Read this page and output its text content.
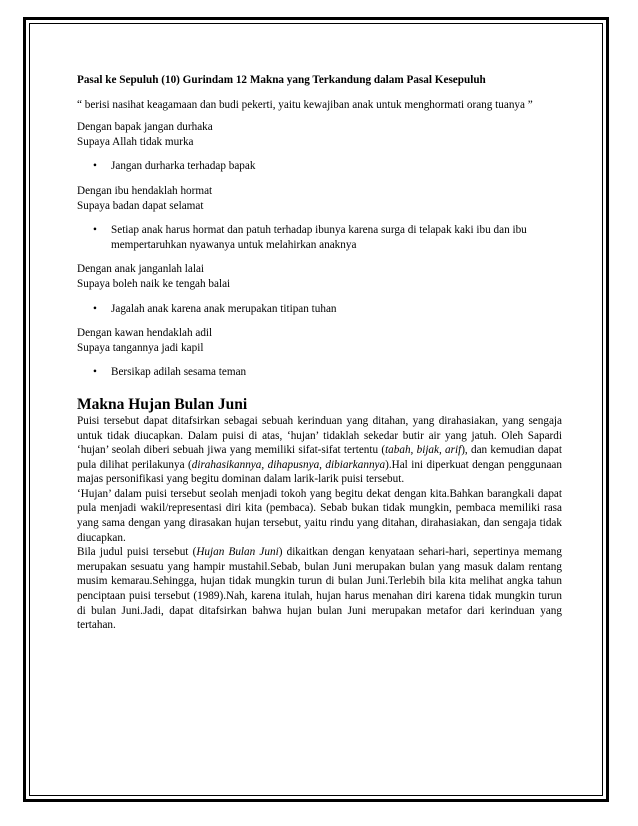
Pasal ke Sepuluh (10) Gurindam 12 Makna yang Terkandung dalam Pasal Kesepuluh
“ berisi nasihat keagamaan dan budi pekerti, yaitu kewajiban anak untuk menghormati orang tuanya ”
Dengan bapak jangan durhaka
Supaya Allah tidak murka
• Jangan durharka terhadap bapak
Dengan ibu hendaklah hormat
Supaya badan dapat selamat
• Setiap anak harus hormat dan patuh terhadap ibunya karena surga di telapak kaki ibu dan ibu mempertaruhkan nyawanya untuk melahirkan anaknya
Dengan anak janganlah lalai
Supaya boleh naik ke tengah balai
• Jagalah anak karena anak merupakan titipan tuhan
Dengan kawan hendaklah adil
Supaya tangannya jadi kapil
• Bersikap adilah sesama teman
Makna Hujan Bulan Juni

Puisi tersebut dapat ditafsirkan sebagai sebuah kerinduan yang ditahan, yang dirahasiakan, yang sengaja untuk tidak diucapkan. Dalam puisi di atas, ‘hujan’ tidaklah sekedar butir air yang jatuh. Oleh Sapardi ‘hujan’ seolah diberi sebuah jiwa yang memiliki sifat-sifat tertentu (tabah, bijak, arif), dan kemudian dapat pula dilihat perilakunya (dirahasikannya, dihapusnya, dibiarkannya).Hal ini diperkuat dengan penggunaan majas personifikasi yang begitu dominan dalam larik-larik puisi tersebut.

‘Hujan’ dalam puisi tersebut seolah menjadi tokoh yang begitu dekat dengan kita.Bahkan barangkali dapat pula menjadi wakil/representasi diri kita (pembaca). Sebab bukan tidak mungkin, pembaca memiliki rasa yang sama dengan yang dirasakan hujan tersebut, yaitu rindu yang ditahan, dirahasiakan, dan sengaja tidak diucapkan.

Bila judul puisi tersebut (Hujan Bulan Juni) dikaitkan dengan kenyataan sehari-hari, sepertinya memang merupakan sesuatu yang hampir mustahil.Sebab, bulan Juni merupakan bulan yang masuk dalam rentang musim kemarau.Sehingga, hujan tidak mungkin turun di bulan Juni.Terlebih bila kita melihat angka tahun penciptaan puisi tersebut (1989).Nah, karena itulah, hujan harus menahan diri karena tidak mungkin turun di bulan Juni.Jadi, dapat ditafsirkan bahwa hujan bulan Juni merupakan metafor dari kerinduan yang tertahan.
